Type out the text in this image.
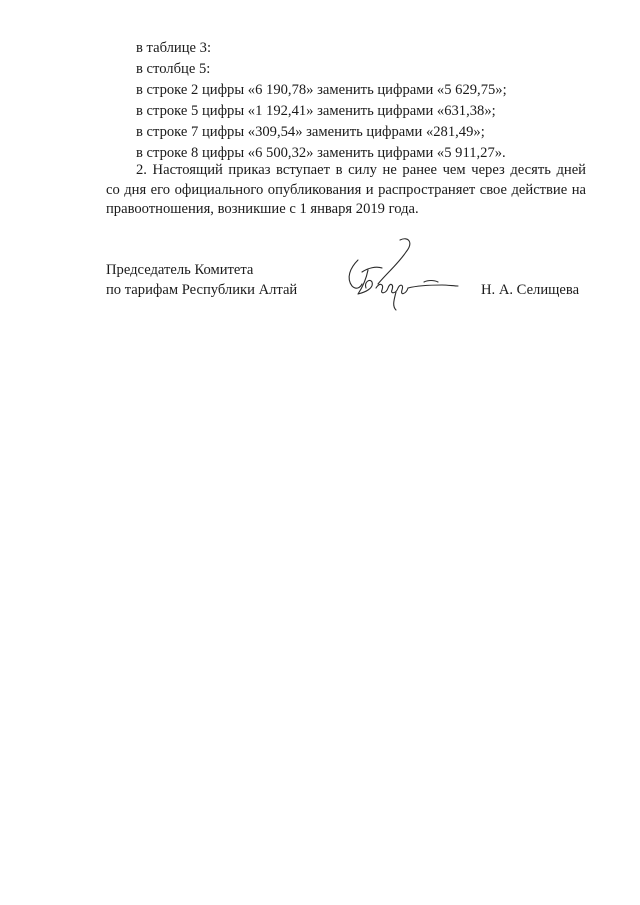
в таблице 3:
в столбце 5:
в строке 2 цифры «6 190,78» заменить цифрами «5 629,75»;
в строке 5 цифры «1 192,41» заменить цифрами «631,38»;
в строке 7 цифры «309,54» заменить цифрами «281,49»;
в строке 8 цифры «6 500,32» заменить цифрами «5 911,27».
2. Настоящий приказ вступает в силу не ранее чем через десять дней
со дня его официального опубликования и распространяет свое действие на
правоотношения, возникшие с 1 января 2019 года.
Председатель Комитета
по тарифам Республики Алтай	Н. А. Селищева
